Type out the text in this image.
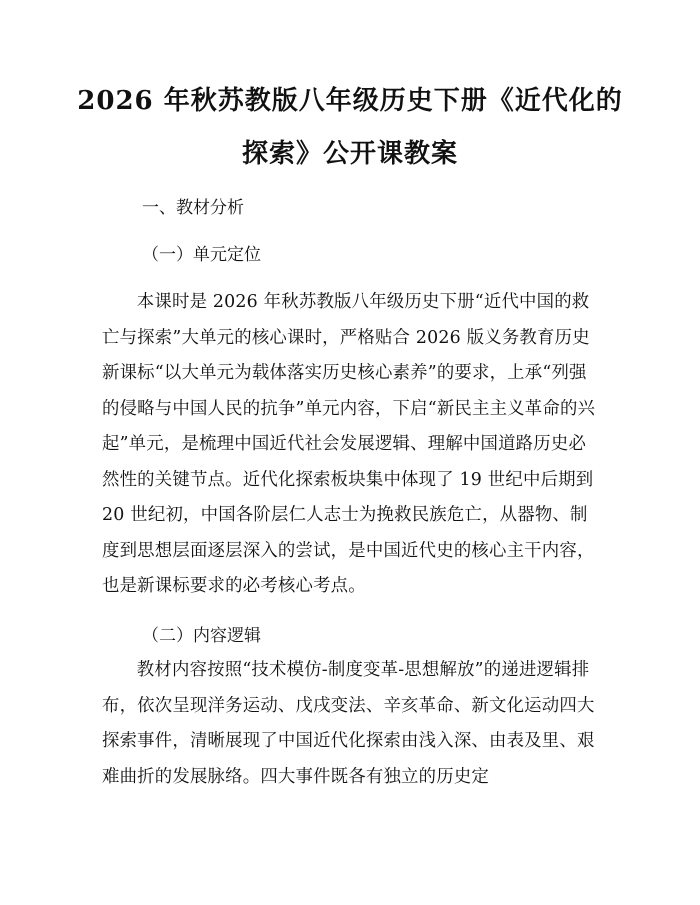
2026 年秋苏教版八年级历史下册《近代化的
探索》公开课教案
一、教材分析
（一）单元定位

本课时是 2026 年秋苏教版八年级历史下册“近代中国的救亡与探索”大单元的核心课时，严格贴合 2026 版义务教育历史新课标“以大单元为载体落实历史核心素养”的要求，上承“列强的侵略与中国人民的抗争”单元内容，下启“新民主主义革命的兴起”单元，是梳理中国近代社会发展逻辑、理解中国道路历史必然性的关键节点。近代化探索板块集中体现了 19 世纪中后期到 20 世纪初，中国各阶层仁人志士为挽救民族危亡，从器物、制度到思想层面逐层深入的尝试，是中国近代史的核心主干内容，也是新课标要求的必考核心考点。

（二）内容逻辑

教材内容按照“技术模仿-制度变革-思想解放”的递进逻辑排布，依次呈现洋务运动、戊戌变法、辛亥革命、新文化运动四大探索事件，清晰展现了中国近代化探索由浅入深、由表及里、艰难曲折的发展脉络。四大事件既各有独立的历史定
